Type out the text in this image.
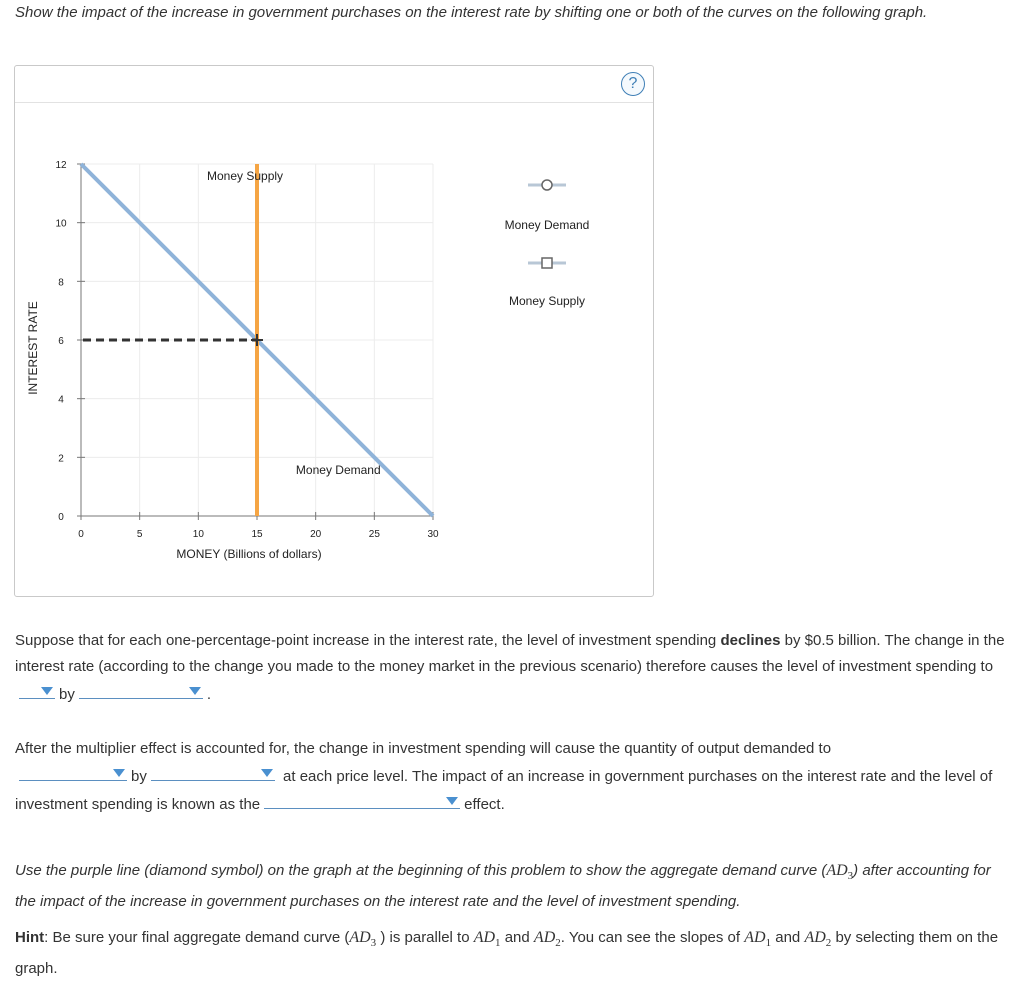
Show the impact of the increase in government purchases on the interest rate by shifting one or both of the curves on the following graph.

?
0	5	10	15	20	25	30
0
2
4
6
8
10
12
MONEY (Billions of dollars)
INTEREST RATE
Money Supply
Money Demand
Money Demand
Money Supply

Suppose that for each one-percentage-point increase in the interest rate, the level of investment spending declines by $0.5 billion. The change in the interest rate (according to the change you made to the money market in the previous scenario) therefore causes the level of investment spending to
by	.

After the multiplier effect is accounted for, the change in investment spending will cause the quantity of output demanded to

by	at each price level. The impact of an increase in government purchases on the interest rate and the level of investment spending is known as the	effect.

Use the purple line (diamond symbol) on the graph at the beginning of this problem to show the aggregate demand curve $(AD_3)$ after accounting for the impact of the increase in government purchases on the interest rate and the level of investment spending.

Hint: Be sure your final aggregate demand curve ($AD_3$ ) is parallel to $AD_1$ and $AD_2$. You can see the slopes of $AD_1$ and $AD_2$ by selecting them on the graph.
